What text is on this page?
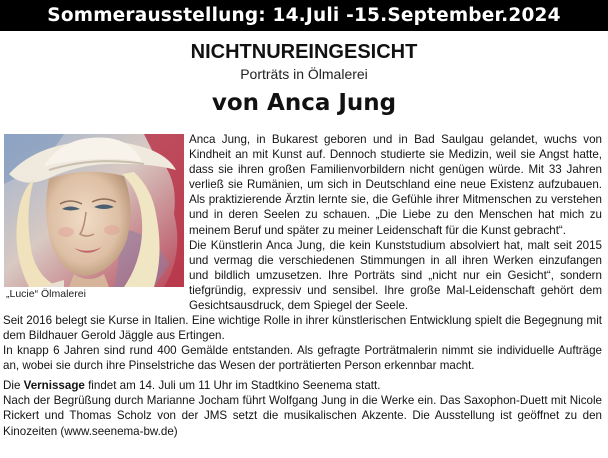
Sommerausstellung: 14.Juli -15.September.2024
NICHTNUREINGESICHT
Porträts in Ölmalerei
von Anca Jung
„Lucie“ Ölmalerei

Anca Jung, in Bukarest geboren und in Bad Saulgau gelandet, wuchs von Kindheit an mit Kunst auf. Dennoch studierte sie Medizin, weil sie Angst hatte, dass sie ihren großen Familienvorbildern nicht genügen würde. Mit 33 Jahren verließ sie Rumänien, um sich in Deutschland eine neue Existenz aufzubauen. Als praktizierende Ärztin lernte sie, die Gefühle ihrer Mitmenschen zu verstehen und in deren Seelen zu schauen. „Die Liebe zu den Menschen hat mich zu meinem Beruf und später zu meiner Leidenschaft für die Kunst gebracht“.

Die Künstlerin Anca Jung, die kein Kunststudium absolviert hat, malt seit 2015 und vermag die verschiedenen Stimmungen in all ihren Werken einzufangen und bildlich umzusetzen. Ihre Porträts sind „nicht nur ein Gesicht“, sondern tiefgründig, expressiv und sensibel. Ihre große Mal-Leidenschaft gehört dem Gesichtsausdruck, dem Spiegel der Seele.

Seit 2016 belegt sie Kurse in Italien. Eine wichtige Rolle in ihrer künstlerischen Entwicklung spielt die Begegnung mit dem Bildhauer Gerold Jäggle aus Ertingen.

In knapp 6 Jahren sind rund 400 Gemälde entstanden. Als gefragte Porträtmalerin nimmt sie individuelle Aufträge an, wobei sie durch ihre Pinselstriche das Wesen der porträtierten Person erkennbar macht.

Die Vernissage findet am 14. Juli um 11 Uhr im Stadtkino Seenema statt.

Nach der Begrüßung durch Marianne Jocham führt Wolfgang Jung in die Werke ein. Das Saxophon-Duett mit Nicole Rickert und Thomas Scholz von der JMS setzt die musikalischen Akzente. Die Ausstellung ist geöffnet zu den Kinozeiten (www.seenema-bw.de)
